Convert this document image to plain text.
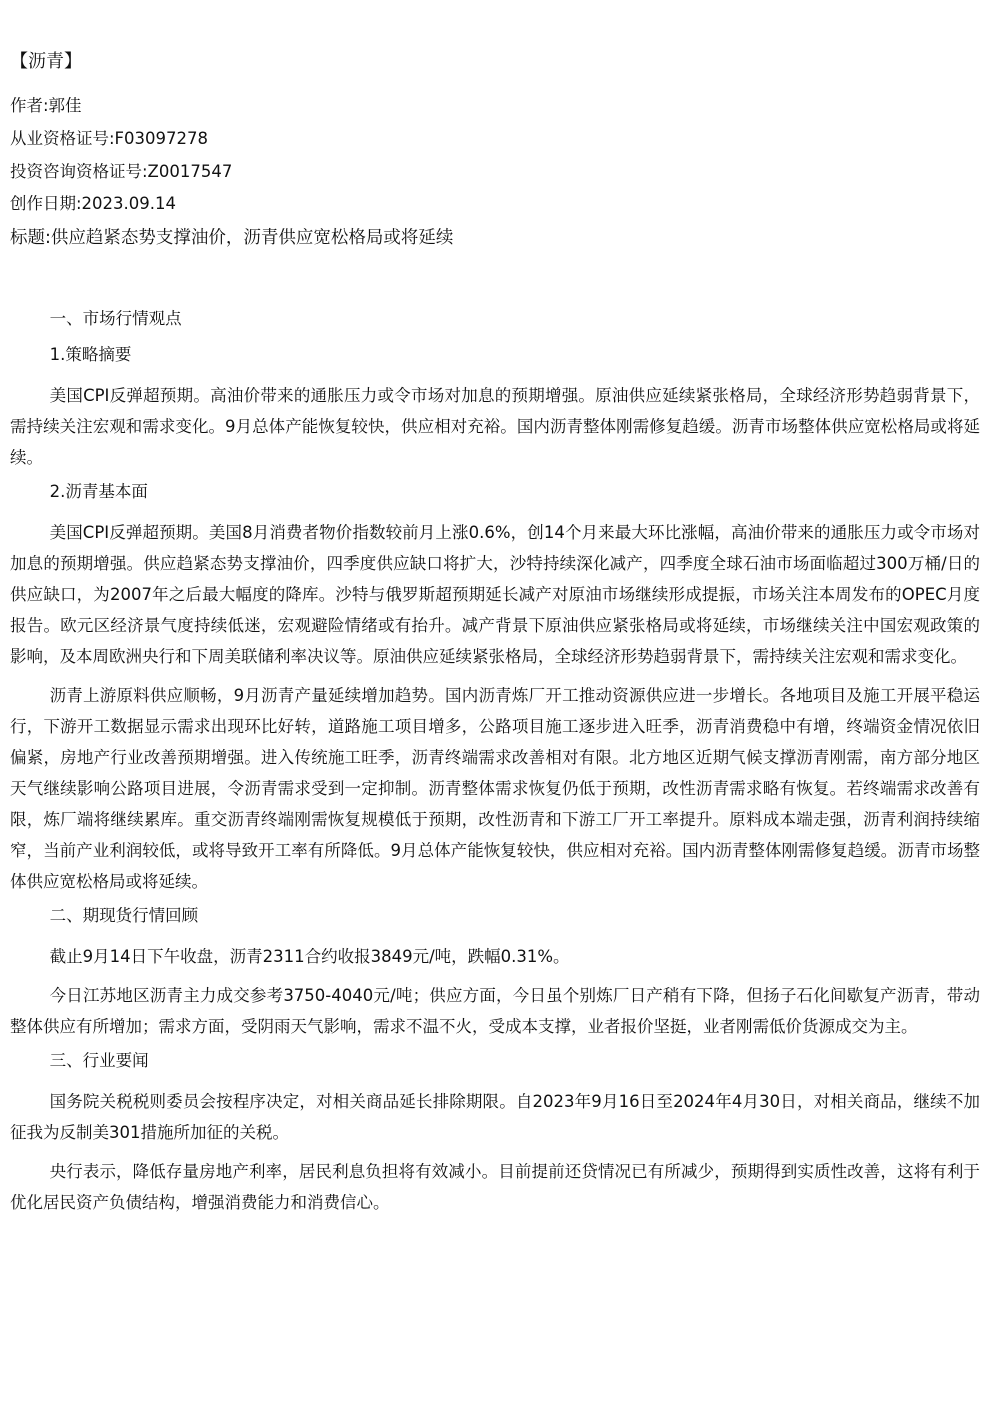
【沥青】

作者:郭佳

从业资格证号:F03097278

投资咨询资格证号:Z0017547

创作日期:2023.09.14

标题:供应趋紧态势支撑油价，沥青供应宽松格局或将延续

一、市场行情观点

1.策略摘要

美国CPI反弹超预期。高油价带来的通胀压力或令市场对加息的预期增强。原油供应延续紧张格局，全球经济形势趋弱背景下，需持续关注宏观和需求变化。9月总体产能恢复较快，供应相对充裕。国内沥青整体刚需修复趋缓。沥青市场整体供应宽松格局或将延续。

2.沥青基本面

美国CPI反弹超预期。美国8月消费者物价指数较前月上涨0.6%，创14个月来最大环比涨幅，高油价带来的通胀压力或令市场对加息的预期增强。供应趋紧态势支撑油价，四季度供应缺口将扩大，沙特持续深化减产，四季度全球石油市场面临超过300万桶/日的供应缺口，为2007年之后最大幅度的降库。沙特与俄罗斯超预期延长减产对原油市场继续形成提振，市场关注本周发布的OPEC月度报告。欧元区经济景气度持续低迷，宏观避险情绪或有抬升。减产背景下原油供应紧张格局或将延续，市场继续关注中国宏观政策的影响，及本周欧洲央行和下周美联储利率决议等。原油供应延续紧张格局，全球经济形势趋弱背景下，需持续关注宏观和需求变化。

沥青上游原料供应顺畅，9月沥青产量延续增加趋势。国内沥青炼厂开工推动资源供应进一步增长。各地项目及施工开展平稳运行，下游开工数据显示需求出现环比好转，道路施工项目增多，公路项目施工逐步进入旺季，沥青消费稳中有增，终端资金情况依旧偏紧，房地产行业改善预期增强。进入传统施工旺季，沥青终端需求改善相对有限。北方地区近期气候支撑沥青刚需，南方部分地区天气继续影响公路项目进展，令沥青需求受到一定抑制。沥青整体需求恢复仍低于预期，改性沥青需求略有恢复。若终端需求改善有限，炼厂端将继续累库。重交沥青终端刚需恢复规模低于预期，改性沥青和下游工厂开工率提升。原料成本端走强，沥青利润持续缩窄，当前产业利润较低，或将导致开工率有所降低。9月总体产能恢复较快，供应相对充裕。国内沥青整体刚需修复趋缓。沥青市场整体供应宽松格局或将延续。

二、期现货行情回顾

截止9月14日下午收盘，沥青2311合约收报3849元/吨，跌幅0.31%。

今日江苏地区沥青主力成交参考3750-4040元/吨；供应方面，今日虽个别炼厂日产稍有下降，但扬子石化间歇复产沥青，带动整体供应有所增加；需求方面，受阴雨天气影响，需求不温不火，受成本支撑，业者报价坚挺，业者刚需低价货源成交为主。

三、行业要闻

国务院关税税则委员会按程序决定，对相关商品延长排除期限。自2023年9月16日至2024年4月30日，对相关商品，继续不加征我为反制美301措施所加征的关税。

央行表示，降低存量房地产利率，居民利息负担将有效减小。目前提前还贷情况已有所减少，预期得到实质性改善，这将有利于优化居民资产负债结构，增强消费能力和消费信心。
